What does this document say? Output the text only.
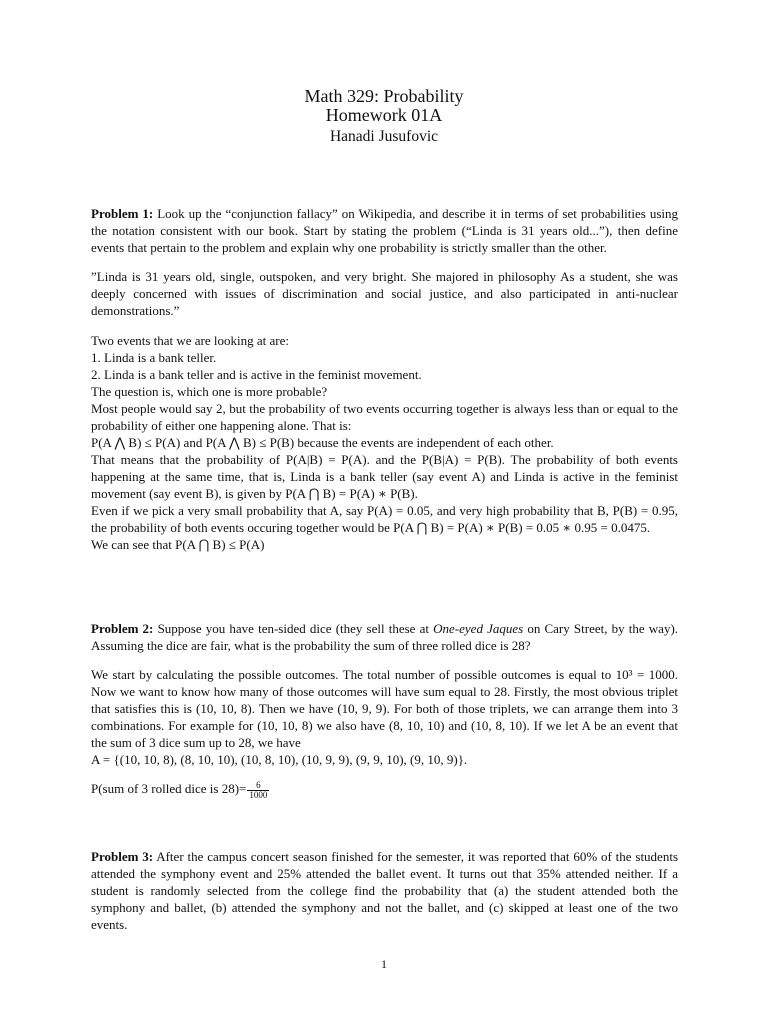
Math 329: Probability
Homework 01A
Hanadi Jusufovic

Problem 1: Look up the “conjunction fallacy” on Wikipedia, and describe it in terms of set probabilities using the notation consistent with our book. Start by stating the problem (“Linda is 31 years old...”), then define events that pertain to the problem and explain why one probability is strictly smaller than the other.

”Linda is 31 years old, single, outspoken, and very bright. She majored in philosophy As a student, she was deeply concerned with issues of discrimination and social justice, and also participated in anti-nuclear demonstrations.”

Two events that we are looking at are:

1. Linda is a bank teller.

2. Linda is a bank teller and is active in the feminist movement.

The question is, which one is more probable?

Most people would say 2, but the probability of two events occurring together is always less than or equal to the probability of either one happening alone. That is:

P(A ⋀ B) ≤ P(A) and P(A ⋀ B) ≤ P(B) because the events are independent of each other.

That means that the probability of P(A|B) = P(A). and the P(B|A) = P(B). The probability of both events happening at the same time, that is, Linda is a bank teller (say event A) and Linda is active in the feminist movement (say event B), is given by P(A ⋂ B) = P(A) ∗ P(B).

Even if we pick a very small probability that A, say P(A) = 0.05, and very high probability that B, P(B) = 0.95, the probability of both events occuring together would be P(A ⋂ B) = P(A) ∗ P(B) = 0.05 ∗ 0.95 = 0.0475.

We can see that P(A ⋂ B) ≤ P(A)

Problem 2: Suppose you have ten-sided dice (they sell these at One-eyed Jaques on Cary Street, by the way). Assuming the dice are fair, what is the probability the sum of three rolled dice is 28?

We start by calculating the possible outcomes. The total number of possible outcomes is equal to 10³ = 1000. Now we want to know how many of those outcomes will have sum equal to 28. Firstly, the most obvious triplet that satisfies this is (10, 10, 8). Then we have (10, 9, 9). For both of those triplets, we can arrange them into 3 combinations. For example for (10, 10, 8) we also have (8, 10, 10) and (10, 8, 10). If we let A be an event that the sum of 3 dice sum up to 28, we have

A = {(10, 10, 8), (8, 10, 10), (10, 8, 10), (10, 9, 9), (9, 9, 10), (9, 10, 9)}.

P(sum of 3 rolled dice is $28)= \frac{6}{1000}$

Problem 3: After the campus concert season finished for the semester, it was reported that 60% of the students attended the symphony event and 25% attended the ballet event. It turns out that 35% attended neither. If a student is randomly selected from the college find the probability that (a) the student attended both the symphony and ballet, (b) attended the symphony and not the ballet, and (c) skipped at least one of the two events.

1
